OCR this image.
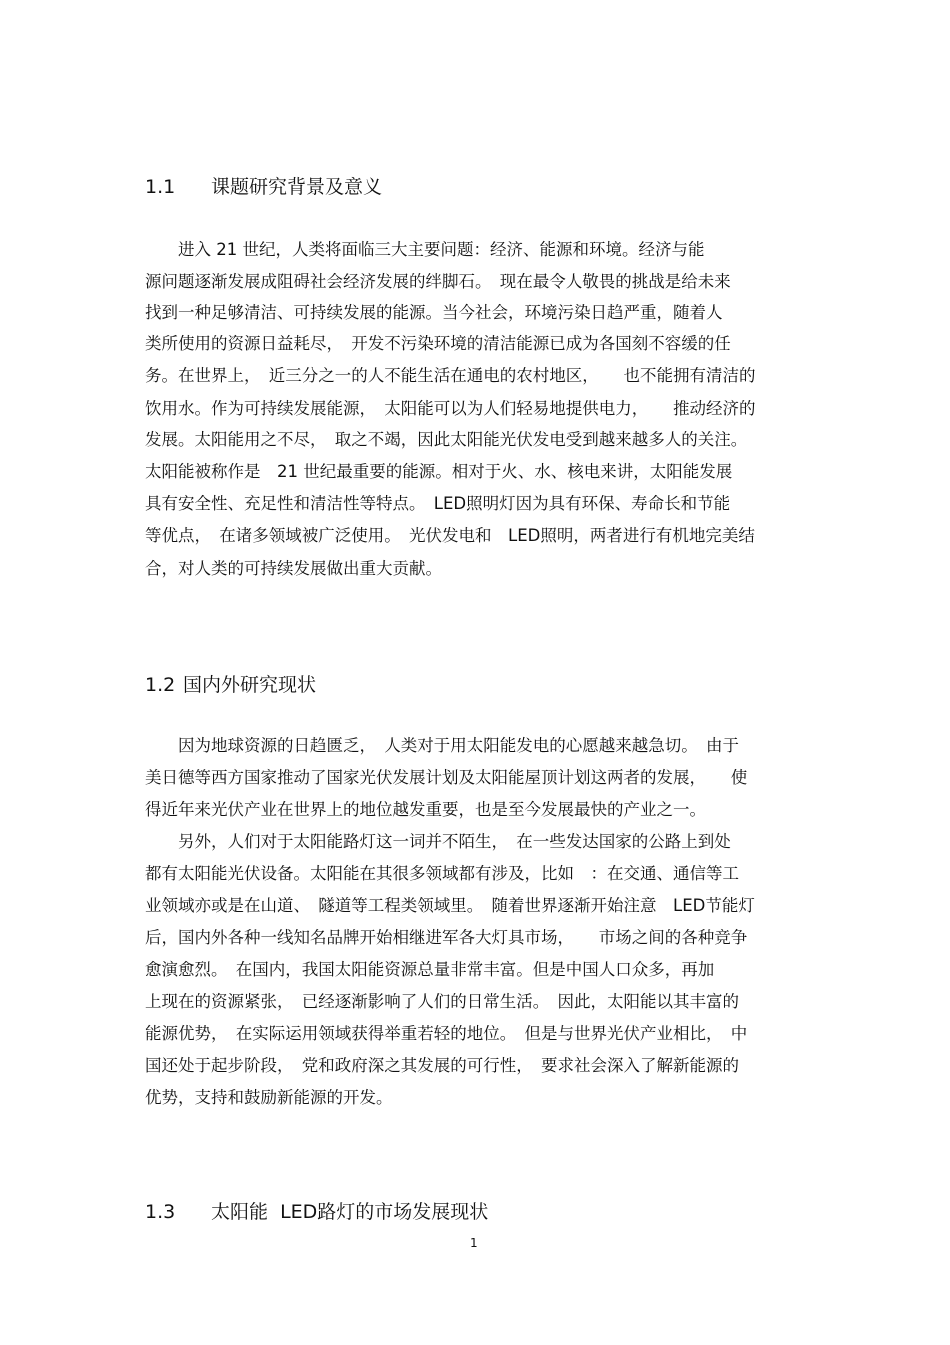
1.1 课题研究背景及意义
　　进入 21 世纪，人类将面临三大主要问题：经济、能源和环境。经济与能
源问题逐渐发展成阻碍社会经济发展的绊脚石。　现在最令人敬畏的挑战是给未来
找到一种足够清洁、可持续发展的能源。当今社会，环境污染日趋严重，随着人
类所使用的资源日益耗尽，　开发不污染环境的清洁能源已成为各国刻不容缓的任
务。在世界上，　近三分之一的人不能生活在通电的农村地区，　　也不能拥有清洁的
饮用水。作为可持续发展能源，　太阳能可以为人们轻易地提供电力，　　推动经济的
发展。太阳能用之不尽，　取之不竭，因此太阳能光伏发电受到越来越多人的关注。
太阳能被称作是　21 世纪最重要的能源。相对于火、水、核电来讲，太阳能发展
具有安全性、充足性和清洁性等特点。　LED照明灯因为具有环保、寿命长和节能
等优点，　在诸多领域被广泛使用。　光伏发电和　LED照明，两者进行有机地完美结
合，对人类的可持续发展做出重大贡献。
1.2 国内外研究现状
　　因为地球资源的日趋匮乏，　人类对于用太阳能发电的心愿越来越急切。　由于
美日德等西方国家推动了国家光伏发展计划及太阳能屋顶计划这两者的发展，　　使
得近年来光伏产业在世界上的地位越发重要，也是至今发展最快的产业之一。
　　另外，人们对于太阳能路灯这一词并不陌生，　在一些发达国家的公路上到处
都有太阳能光伏设备。太阳能在其很多领域都有涉及，比如　：在交通、通信等工
业领域亦或是在山道、　隧道等工程类领域里。　随着世界逐渐开始注意　LED节能灯
后，国内外各种一线知名品牌开始相继进军各大灯具市场，　　市场之间的各种竞争
愈演愈烈。　在国内，我国太阳能资源总量非常丰富。但是中国人口众多，再加
上现在的资源紧张，　已经逐渐影响了人们的日常生活。　因此，太阳能以其丰富的
能源优势，　在实际运用领域获得举重若轻的地位。　但是与世界光伏产业相比，　中
国还处于起步阶段，　党和政府深之其发展的可行性，　要求社会深入了解新能源的
优势，支持和鼓励新能源的开发。
1.3 太阳能  LED路灯的市场发展现状
1
